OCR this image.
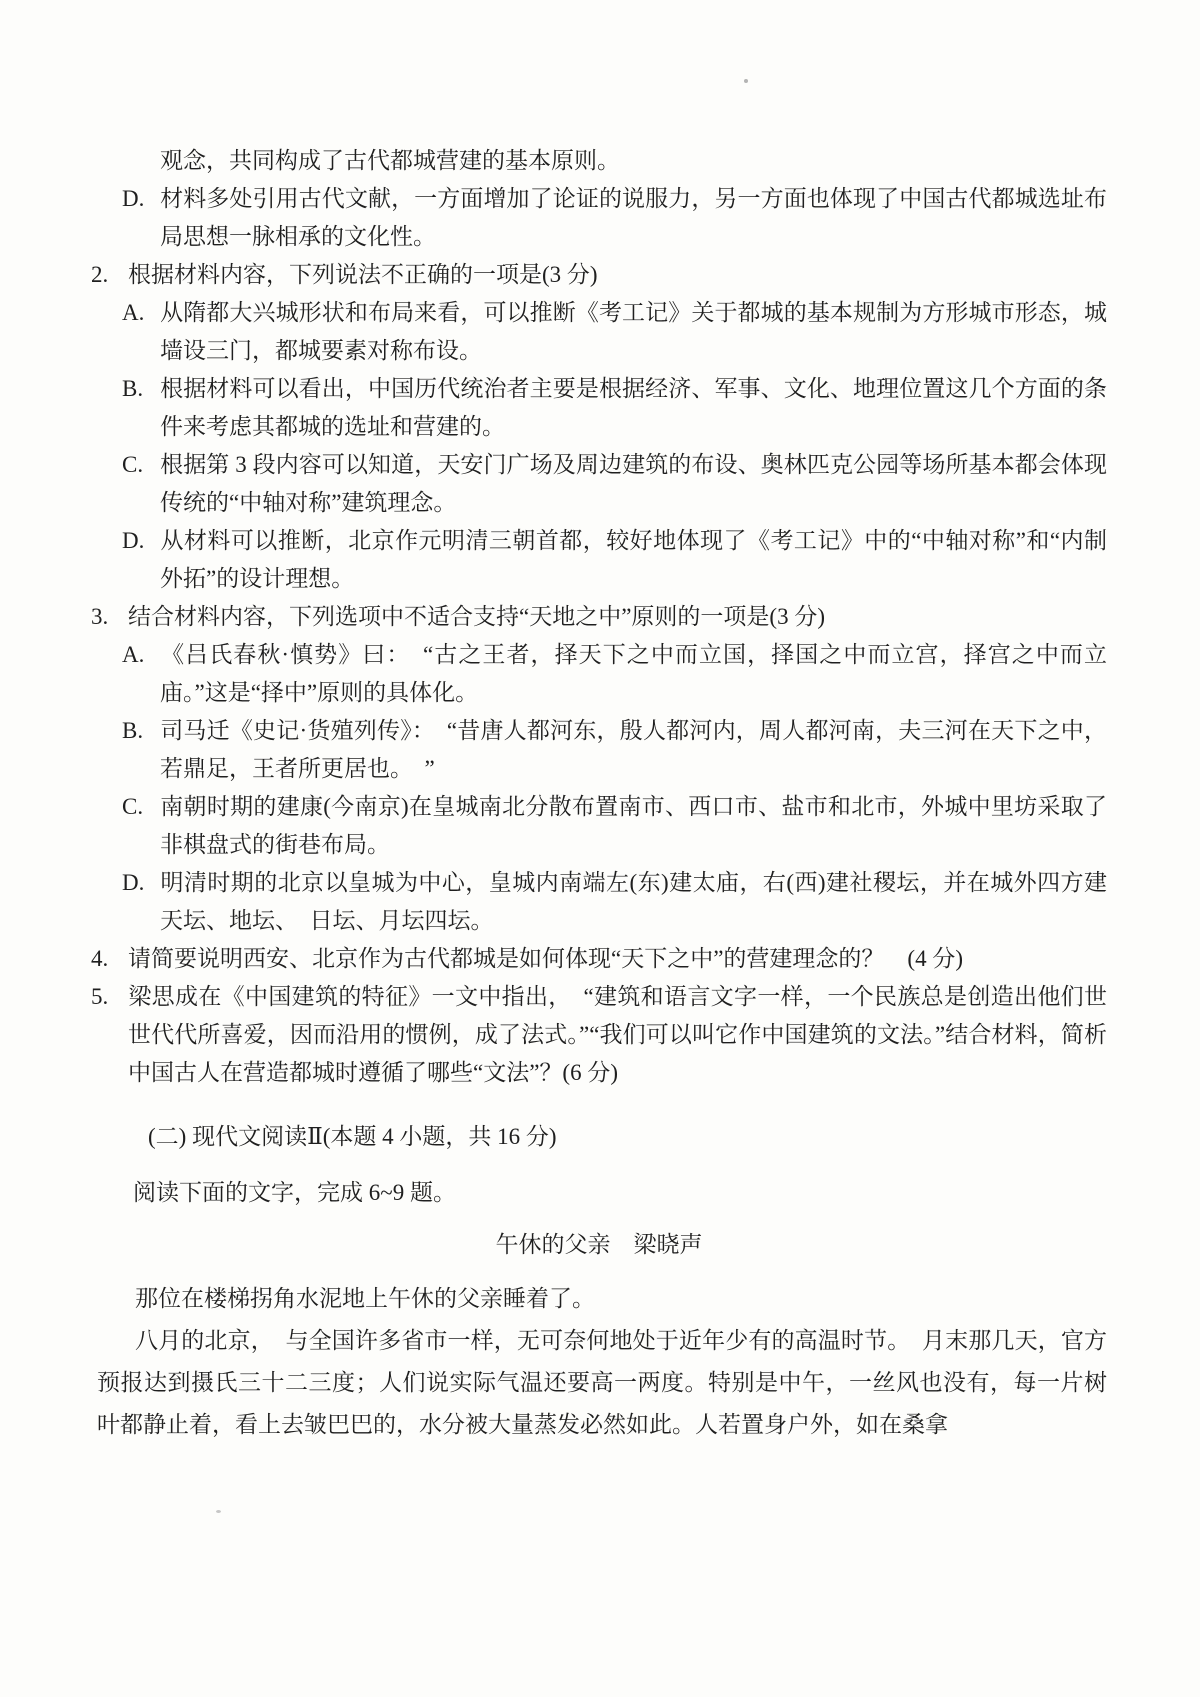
观念，共同构成了古代都城营建的基本原则。
D. 材料多处引用古代文献，一方面增加了论证的说服力，另一方面也体现了中国古代都城选址布局思想一脉相承的文化性。
2. 根据材料内容，下列说法不正确的一项是(3 分)
A. 从隋都大兴城形状和布局来看，可以推断《考工记》关于都城的基本规制为方形城市形态，城墙设三门，都城要素对称布设。
B. 根据材料可以看出，中国历代统治者主要是根据经济、军事、文化、地理位置这几个方面的条件来考虑其都城的选址和营建的。
C. 根据第 3 段内容可以知道，天安门广场及周边建筑的布设、奥林匹克公园等场所基本都会体现传统的“中轴对称”建筑理念。
D. 从材料可以推断，北京作元明清三朝首都，较好地体现了《考工记》中的“中轴对称”和“内制外拓”的设计理想。
3. 结合材料内容，下列选项中不适合支持“天地之中”原则的一项是(3 分)
A. 《吕氏春秋·慎势》曰：　“古之王者，择天下之中而立国，择国之中而立宫，择宫之中而立庙。”这是“择中”原则的具体化。
B. 司马迁《史记·货殖列传》：　“昔唐人都河东，殷人都河内，周人都河南，夫三河在天下之中，若鼎足，王者所更居也。　”
C. 南朝时期的建康(今南京)在皇城南北分散布置南市、西口市、盐市和北市，外城中里坊采取了非棋盘式的街巷布局。
D. 明清时期的北京以皇城为中心，皇城内南端左(东)建太庙，右(西)建社稷坛，并在城外四方建天坛、地坛、　日坛、月坛四坛。
4. 请简要说明西安、北京作为古代都城是如何体现“天下之中”的营建理念的？　(4 分)
5. 梁思成在《中国建筑的特征》一文中指出，　“建筑和语言文字一样，一个民族总是创造出他们世世代代所喜爱，因而沿用的惯例，成了法式。”“我们可以叫它作中国建筑的文法。”结合材料，简析中国古人在营造都城时遵循了哪些“文法”？(6 分)
(二) 现代文阅读Ⅱ(本题 4 小题，共 16 分)
阅读下面的文字，完成 6~9 题。
午休的父亲　梁晓声

那位在楼梯拐角水泥地上午休的父亲睡着了。

八月的北京，　与全国许多省市一样，无可奈何地处于近年少有的高温时节。　月末那几天，官方预报达到摄氏三十二三度；人们说实际气温还要高一两度。特别是中午，一丝风也没有，每一片树叶都静止着，看上去皱巴巴的，水分被大量蒸发必然如此。人若置身户外，如在桑拿
